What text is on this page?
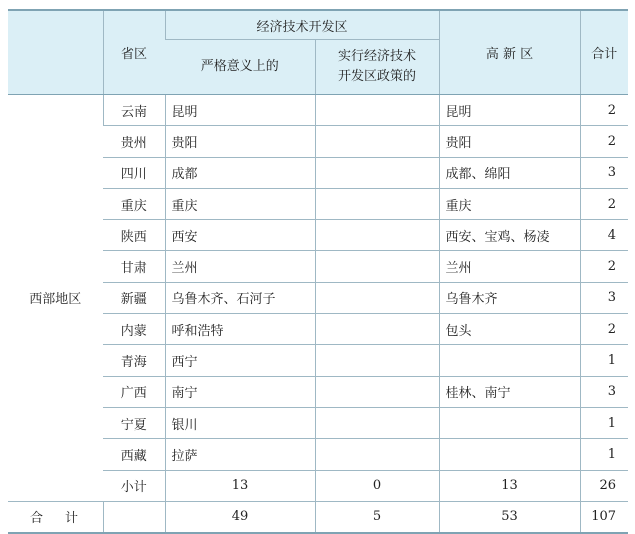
	省区	经济技术开发区		高 新 区	合计
		严格意义上的	实行经济技术
开发区政策的		
西部地区	云南	昆明		昆明	2
	贵州	贵阳		贵阳	2
	四川	成都		成都、绵阳	3
	重庆	重庆		重庆	2
	陕西	西安		西安、宝鸡、杨凌	4
	甘肃	兰州		兰州	2
	新疆	乌鲁木齐、石河子		乌鲁木齐	3
	内蒙	呼和浩特		包头	2
	青海	西宁			1
	广西	南宁		桂林、南宁	3
	宁夏	银川			1
	西藏	拉萨			1
	小计	13	0	13	26
合计		49	5	53	107
